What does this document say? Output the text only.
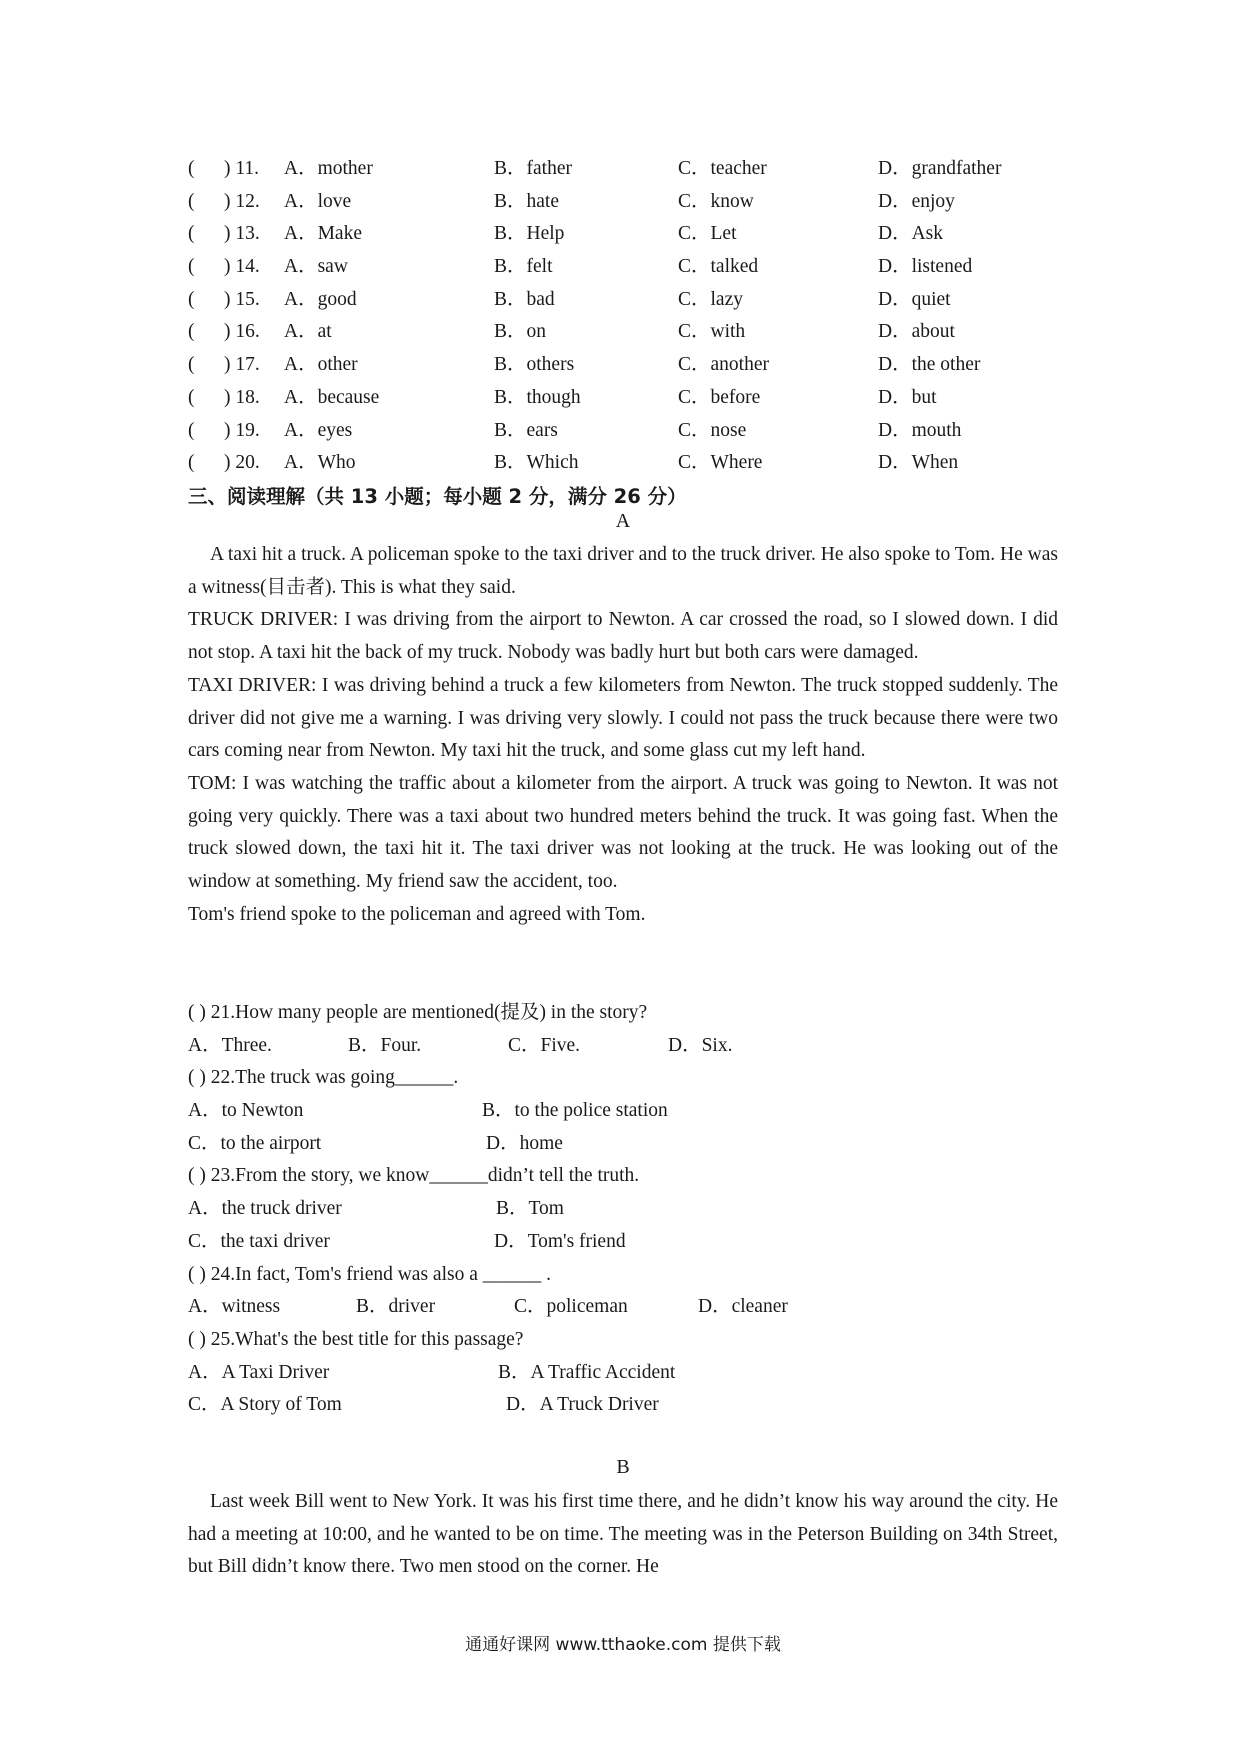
( ) 11. A．mother	B．father	C．teacher	D．grandfather
( ) 12. A．love	B．hate	C．know	D．enjoy
( ) 13. A．Make	B．Help	C．Let	D．Ask
( ) 14. A．saw	B．felt	C．talked	D．listened
( ) 15. A．good	B．bad	C．lazy	D．quiet
( ) 16. A．at	B．on	C．with	D．about
( ) 17. A．other	B．others	C．another	D．the other
( ) 18. A．because	B．though	C．before	D．but
( ) 19. A．eyes	B．ears	C．nose	D．mouth
( ) 20. A．Who	B．Which	C．Where	D．When
三、阅读理解（共 13 小题；每小题 2 分，满分 26 分）
A

A taxi hit a truck. A policeman spoke to the taxi driver and to the truck driver. He also spoke to Tom. He was a witness(目击者). This is what they said.

TRUCK DRIVER: I was driving from the airport to Newton. A car crossed the road, so I slowed down. I did not stop. A taxi hit the back of my truck. Nobody was badly hurt but both cars were damaged.

TAXI DRIVER: I was driving behind a truck a few kilometers from Newton. The truck stopped suddenly. The driver did not give me a warning. I was driving very slowly. I could not pass the truck because there were two cars coming near from Newton. My taxi hit the truck, and some glass cut my left hand.

TOM: I was watching the traffic about a kilometer from the airport. A truck was going to Newton. It was not going very quickly. There was a taxi about two hundred meters behind the truck. It was going fast. When the truck slowed down, the taxi hit it. The taxi driver was not looking at the truck. He was looking out of the window at something. My friend saw the accident, too.

Tom's friend spoke to the policeman and agreed with Tom.

( ) 21.How many people are mentioned(提及) in the story?
A．Three.	B．Four.	C．Five.	D．Six.
( ) 22.The truck was going______.
A．to Newton	B．to the police station
C．to the airport	D．home
( ) 23.From the story, we know______didn’t tell the truth.
A．the truck driver	B．Tom
C．the taxi driver	D．Tom's friend
( ) 24.In fact, Tom's friend was also a ______ .
A．witness	B．driver	C．policeman	D．cleaner
( ) 25.What's the best title for this passage?
A．A Taxi Driver	B．A Traffic Accident
C．A Story of Tom	D．A Truck Driver
B

Last week Bill went to New York. It was his first time there, and he didn’t know his way around the city. He had a meeting at 10:00, and he wanted to be on time. The meeting was in the Peterson Building on 34th Street, but Bill didn’t know there. Two men stood on the corner. He

通通好课网 www.tthaoke.com 提供下载
